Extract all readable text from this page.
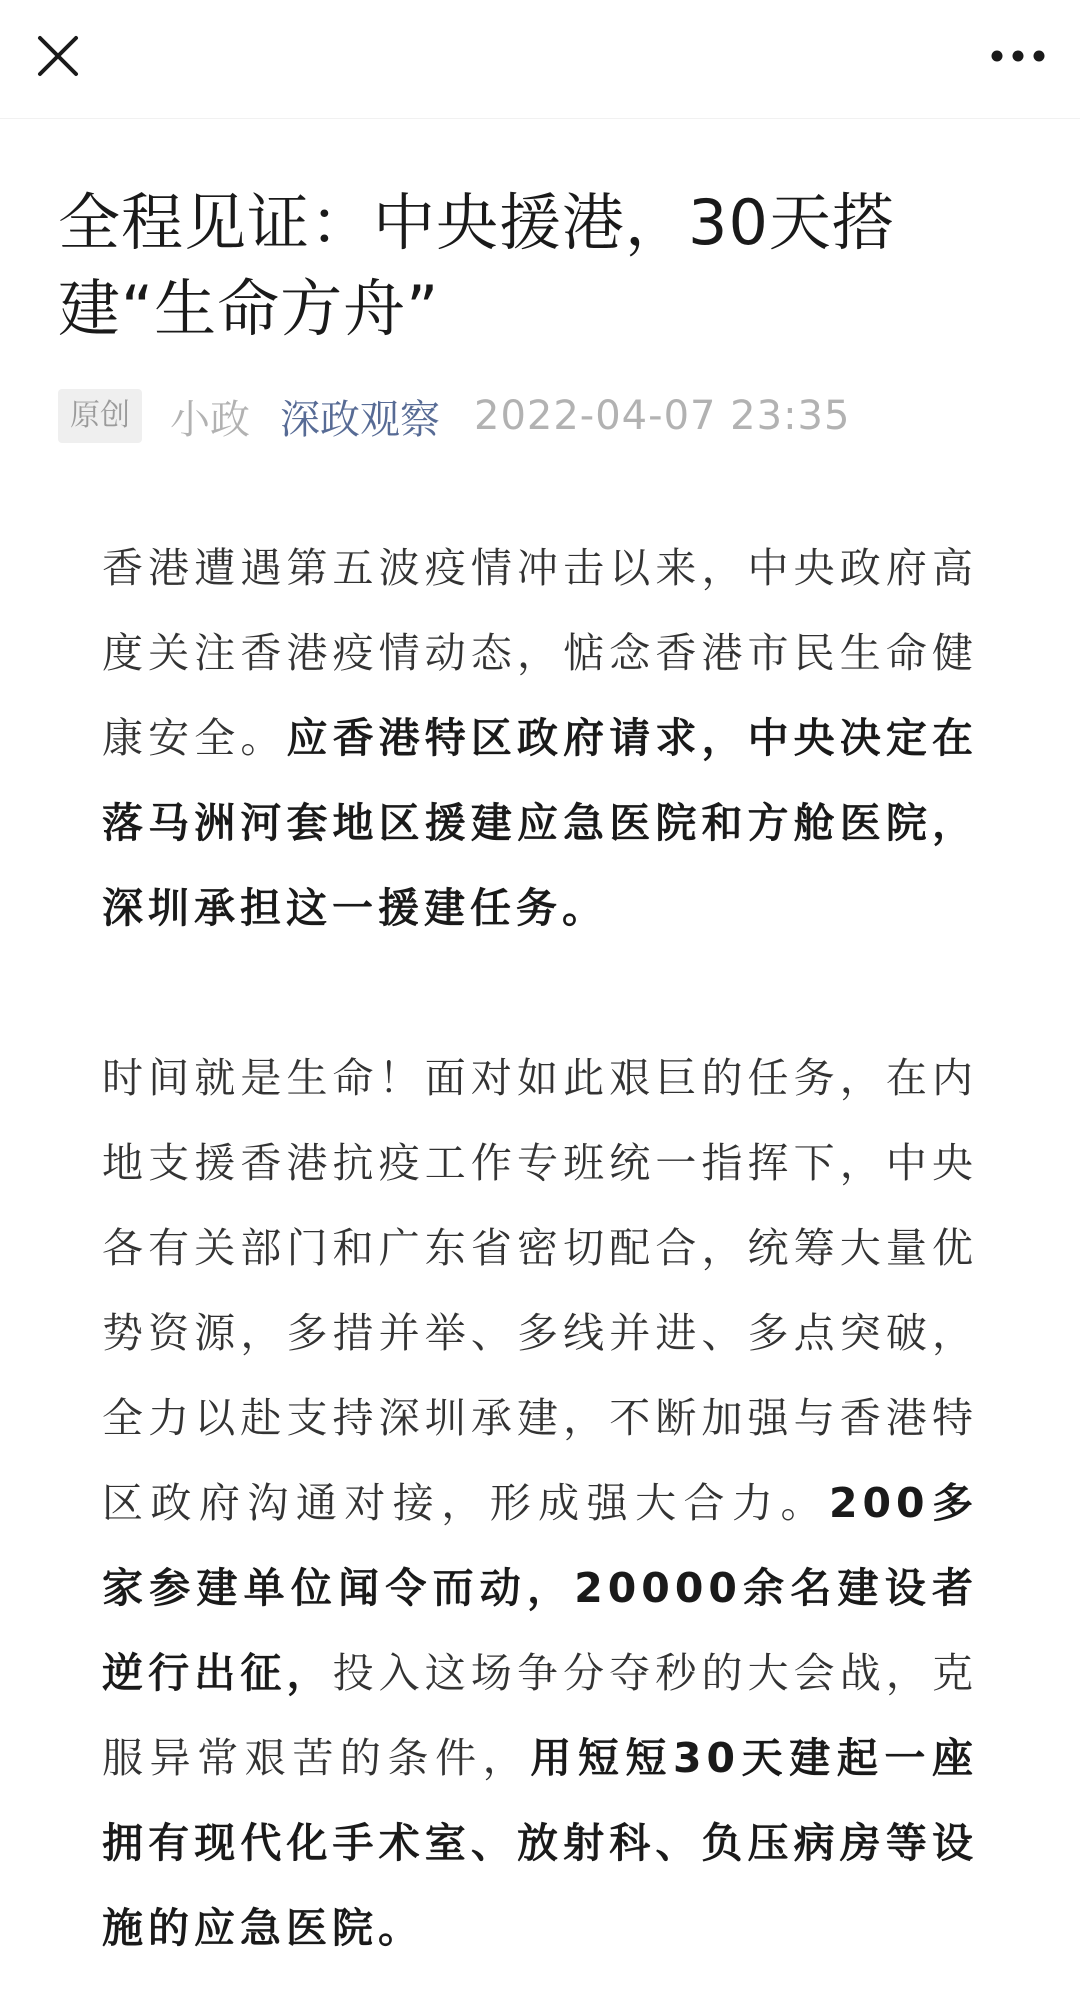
全程见证：中央援港，30天搭建“生命方舟”
原创	小政 深政观察 2022-04-07 23:35

香港遭遇第五波疫情冲击以来，中央政府高度关注香港疫情动态，惦念香港市民生命健康安全。应香港特区政府请求，中央决定在落马洲河套地区援建应急医院和方舱医院，深圳承担这一援建任务。

时间就是生命！面对如此艰巨的任务，在内地支援香港抗疫工作专班统一指挥下，中央各有关部门和广东省密切配合，统筹大量优势资源，多措并举、多线并进、多点突破，全力以赴支持深圳承建，不断加强与香港特区政府沟通对接，形成强大合力。200多家参建单位闻令而动，20000余名建设者逆行出征，投入这场争分夺秒的大会战，克服异常艰苦的条件，用短短30天建起一座拥有现代化手术室、放射科、负压病房等设施的应急医院。
